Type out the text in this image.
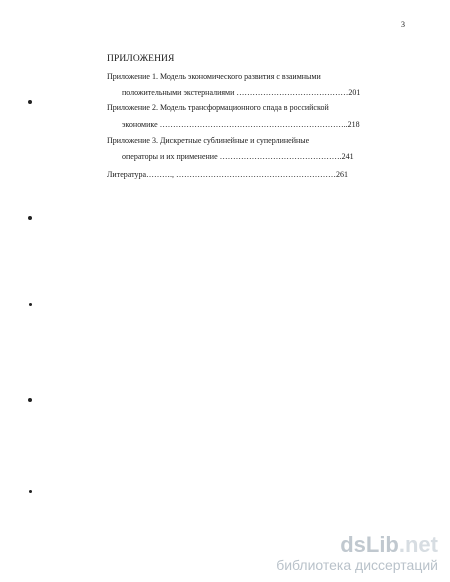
3
ПРИЛОЖЕНИЯ
Приложение 1. Модель экономического развития с взаимными
положительными экстерналиями ……………………………………201
Приложение 2. Модель трансформационного спада в российской
экономике ……………………………………………………………..218
Приложение 3. Дискретные сублинейные и суперлинейные
операторы и их применение ……………………………………….241
Литература………., ……………………………………………………261
dsLib.net
библиотека диссертаций
